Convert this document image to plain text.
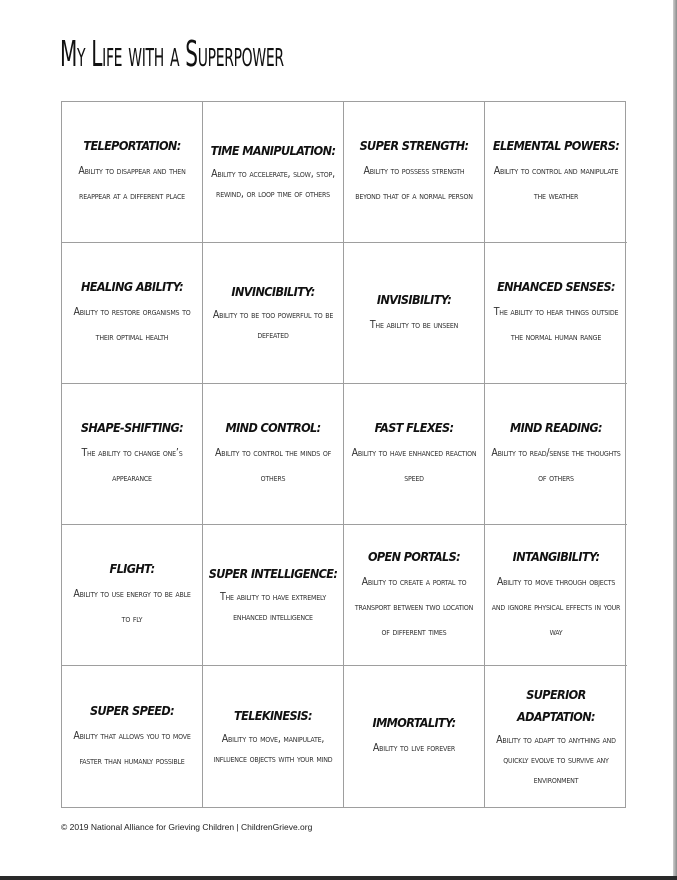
My Life with a Superpower
TELEPORTATION:
Ability to disappear and then reappear at a different place
TIME MANIPULATION:
Ability to accelerate, slow, stop, rewind, or loop time of others
SUPER STRENGTH:
Ability to possess strength beyond that of a normal person
ELEMENTAL POWERS:
Ability to control and manipulate the weather
HEALING ABILITY:
Ability to restore organisms to their optimal health
INVINCIBILITY:
Ability to be too powerful to be defeated
INVISIBILITY:
The ability to be unseen
ENHANCED SENSES:
The ability to hear things outside the normal human range
SHAPE-SHIFTING:
The ability to change one’s appearance
MIND CONTROL:
Ability to control the minds of others
FAST FLEXES:
Ability to have enhanced reaction speed
MIND READING:
Ability to read/sense the thoughts of others
FLIGHT:
Ability to use energy to be able to fly
SUPER INTELLIGENCE:
The ability to have extremely enhanced intelligence
OPEN PORTALS:
Ability to create a portal to transport between two location of different times
INTANGIBILITY:
Ability to move through objects and ignore physical effects in your way
SUPER SPEED:
Ability that allows you to move faster than humanly possible
TELEKINESIS:
Ability to move, manipulate, influence objects with your mind
IMMORTALITY:
Ability to live forever
SUPERIOR ADAPTATION:
Ability to adapt to anything and quickly evolve to survive any environment
© 2019 National Alliance for Grieving Children | ChildrenGrieve.org
